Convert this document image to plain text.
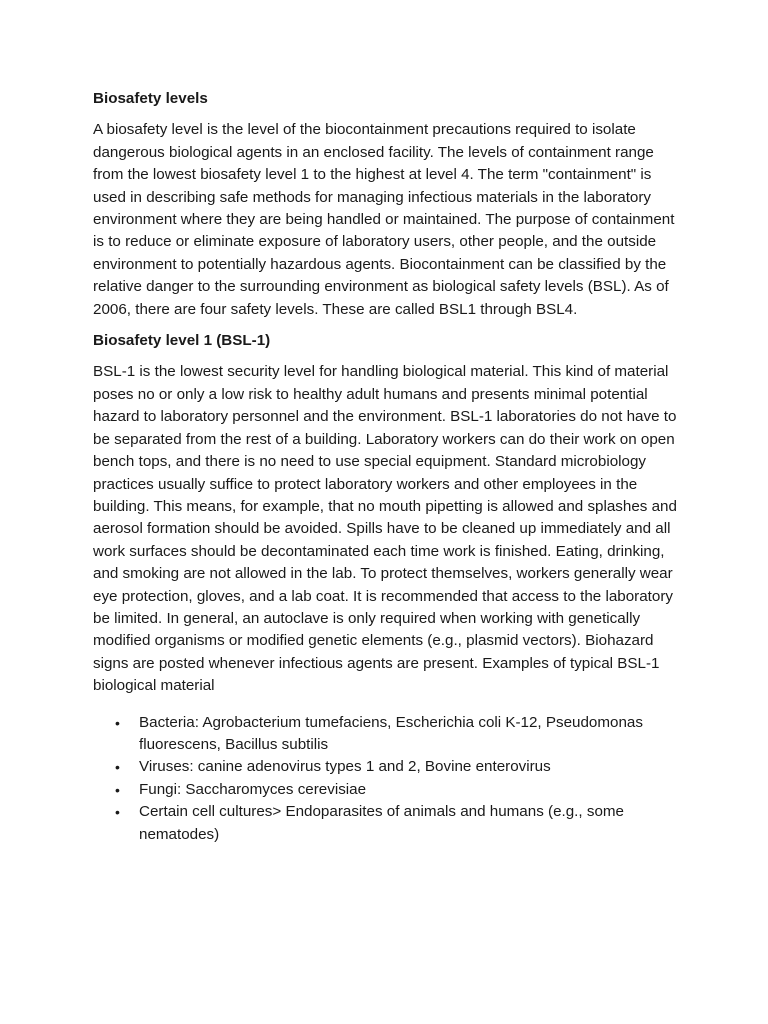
Biosafety levels

A biosafety level is the level of the biocontainment precautions required to isolate dangerous biological agents in an enclosed facility. The levels of containment range from the lowest biosafety level 1 to the highest at level 4. The term "containment" is used in describing safe methods for managing infectious materials in the laboratory environment where they are being handled or maintained. The purpose of containment is to reduce or eliminate exposure of laboratory users, other people, and the outside environment to potentially hazardous agents. Biocontainment can be classified by the relative danger to the surrounding environment as biological safety levels (BSL). As of 2006, there are four safety levels. These are called BSL1 through BSL4.

Biosafety level 1 (BSL-1)

BSL-1 is the lowest security level for handling biological material. This kind of material poses no or only a low risk to healthy adult humans and presents minimal potential hazard to laboratory personnel and the environment. BSL-1 laboratories do not have to be separated from the rest of a building. Laboratory workers can do their work on open bench tops, and there is no need to use special equipment. Standard microbiology practices usually suffice to protect laboratory workers and other employees in the building. This means, for example, that no mouth pipetting is allowed and splashes and aerosol formation should be avoided. Spills have to be cleaned up immediately and all work surfaces should be decontaminated each time work is finished. Eating, drinking, and smoking are not allowed in the lab. To protect themselves, workers generally wear eye protection, gloves, and a lab coat. It is recommended that access to the laboratory be limited. In general, an autoclave is only required when working with genetically modified organisms or modified genetic elements (e.g., plasmid vectors). Biohazard signs are posted whenever infectious agents are present. Examples of typical BSL-1 biological material

• Bacteria: Agrobacterium tumefaciens, Escherichia coli K-12, Pseudomonas fluorescens, Bacillus subtilis
• Viruses: canine adenovirus types 1 and 2, Bovine enterovirus
• Fungi: Saccharomyces cerevisiae
• Certain cell cultures> Endoparasites of animals and humans (e.g., some nematodes)
